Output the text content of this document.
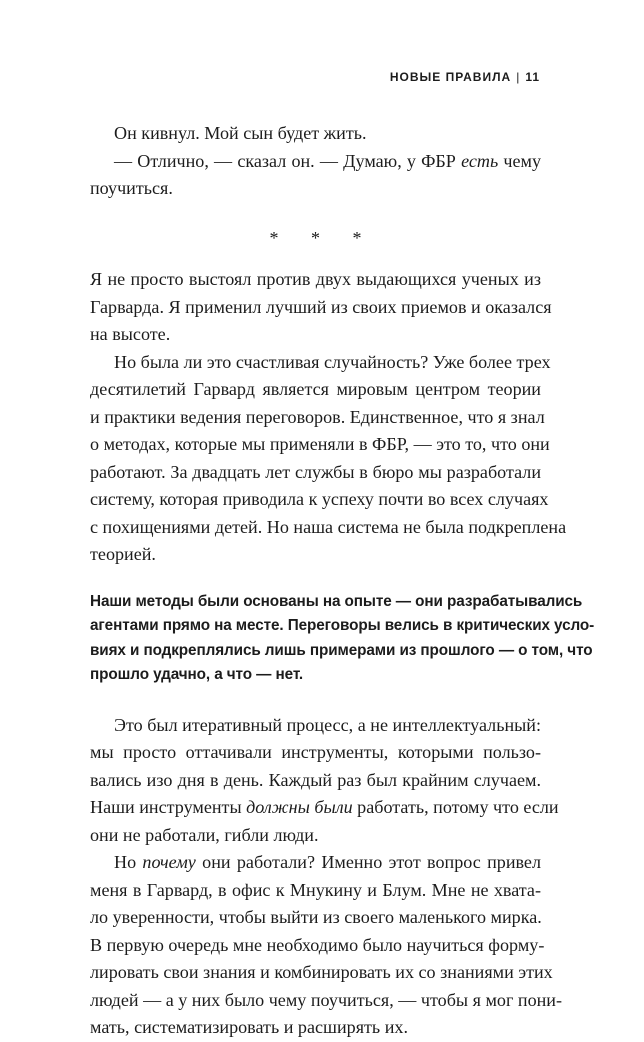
НОВЫЕ ПРАВИЛА | 11
Он кивнул. Мой сын будет жить.
— Отлично, — сказал он. — Думаю, у ФБР есть чему
поучиться.
* * *
Я не просто выстоял против двух выдающихся ученых из
Гарварда. Я применил лучший из своих приемов и оказался
на высоте.
Но была ли это счастливая случайность? Уже более трех
десятилетий Гарвард является мировым центром теории
и практики ведения переговоров. Единственное, что я знал
о методах, которые мы применяли в ФБР, — это то, что они
работают. За двадцать лет службы в бюро мы разработали
систему, которая приводила к успеху почти во всех случаях
с похищениями детей. Но наша система не была подкреплена
теорией.
Наши методы были основаны на опыте — они разрабатывались
агентами прямо на месте. Переговоры велись в критических усло-
виях и подкреплялись лишь примерами из прошлого — о том, что
прошло удачно, а что — нет.
Это был итеративный процесс, а не интеллектуальный:
мы просто оттачивали инструменты, которыми пользо-
вались изо дня в день. Каждый раз был крайним случаем.
Наши инструменты должны были работать, потому что если
они не работали, гибли люди.
Но почему они работали? Именно этот вопрос привел
меня в Гарвард, в офис к Мнукину и Блум. Мне не хвата-
ло уверенности, чтобы выйти из своего маленького мирка.
В первую очередь мне необходимо было научиться форму-
лировать свои знания и комбинировать их со знаниями этих
людей — а у них было чему поучиться, — чтобы я мог пони-
мать, систематизировать и расширять их.
